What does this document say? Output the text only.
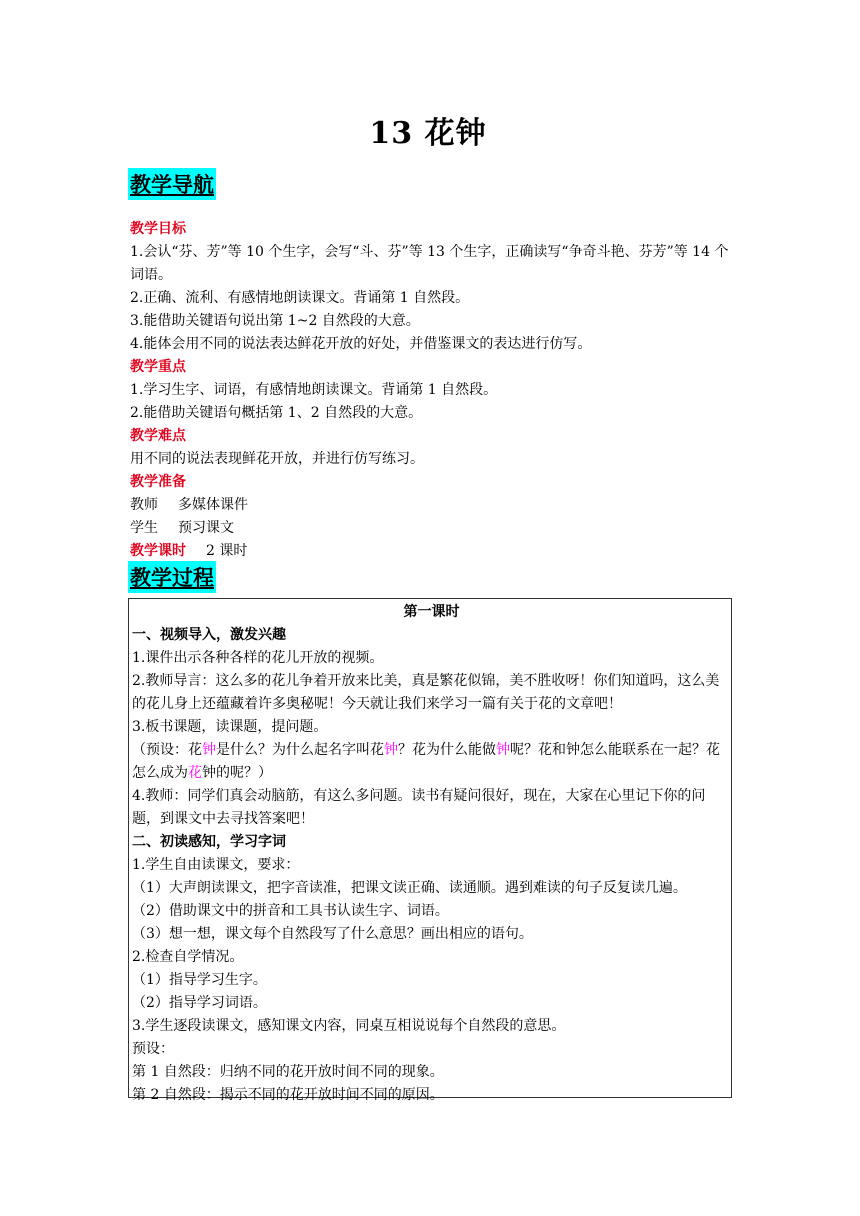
13 花钟
教学导航

教学目标

1.会认“芬、芳”等 10 个生字，会写“斗、芬”等 13 个生字，正确读写“争奇斗艳、芬芳”等 14 个词语。

2.正确、流利、有感情地朗读课文。背诵第 1 自然段。

3.能借助关键语句说出第 1~2 自然段的大意。

4.能体会用不同的说法表达鲜花开放的好处，并借鉴课文的表达进行仿写。

教学重点

1.学习生字、词语，有感情地朗读课文。背诵第 1 自然段。

2.能借助关键语句概括第 1、2 自然段的大意。

教学难点

用不同的说法表现鲜花开放，并进行仿写练习。

教学准备

教师 多媒体课件

学生 预习课文

教学课时 2 课时

教学过程

第一课时

一、视频导入，激发兴趣

1.课件出示各种各样的花儿开放的视频。

2.教师导言：这么多的花儿争着开放来比美，真是繁花似锦，美不胜收呀！你们知道吗，这么美的花儿身上还蕴藏着许多奥秘呢！今天就让我们来学习一篇有关于花的文章吧！

3.板书课题，读课题，提问题。

（预设：花钟是什么？为什么起名字叫花钟？花为什么能做钟呢？花和钟怎么能联系在一起？花怎么成为花钟的呢？）

4.教师：同学们真会动脑筋，有这么多问题。读书有疑问很好，现在，大家在心里记下你的问题，到课文中去寻找答案吧！

二、初读感知，学习字词

1.学生自由读课文，要求：

（1）大声朗读课文，把字音读准，把课文读正确、读通顺。遇到难读的句子反复读几遍。

（2）借助课文中的拼音和工具书认读生字、词语。

（3）想一想，课文每个自然段写了什么意思？画出相应的语句。

2.检查自学情况。

（1）指导学习生字。

（2）指导学习词语。

3.学生逐段读课文，感知课文内容，同桌互相说说每个自然段的意思。

预设：

第 1 自然段：归纳不同的花开放时间不同的现象。

第 2 自然段：揭示不同的花开放时间不同的原因。
